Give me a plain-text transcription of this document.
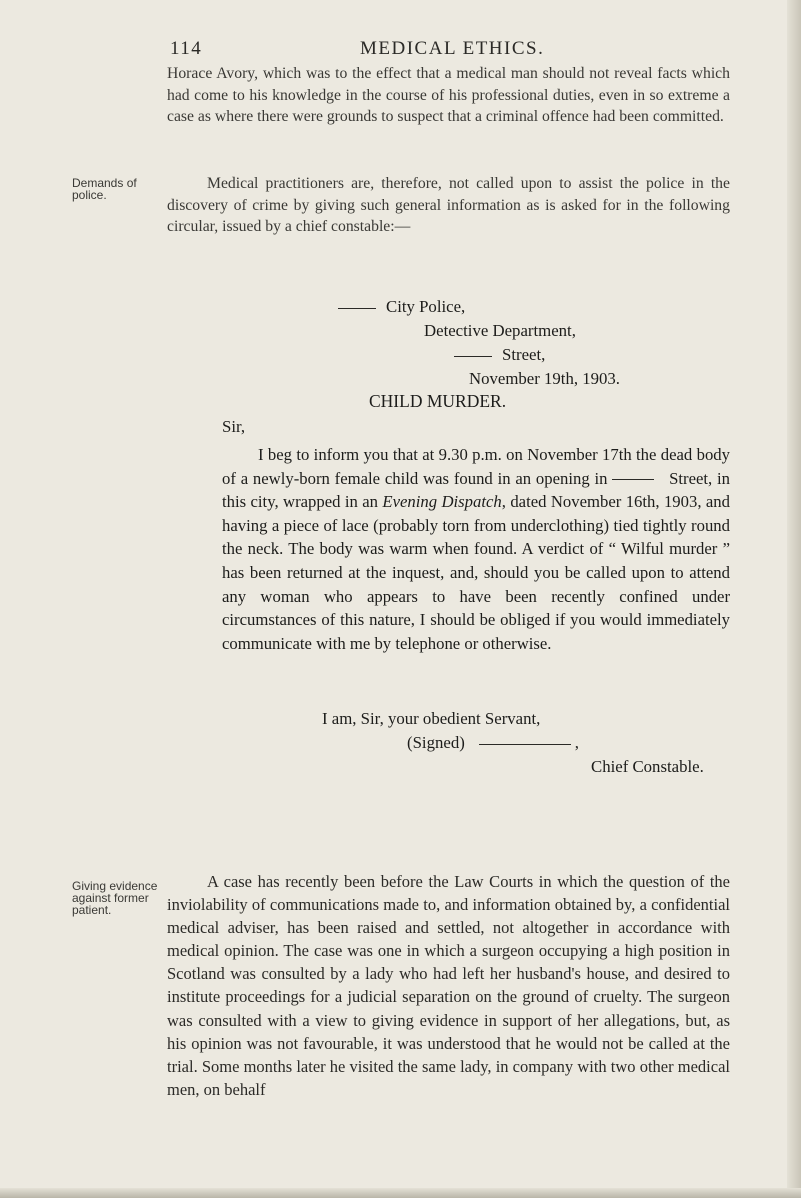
114	MEDICAL ETHICS.

Horace Avory, which was to the effect that a medical man should not reveal facts which had come to his knowledge in the course of his professional duties, even in so extreme a case as where there were grounds to suspect that a criminal offence had been committed.

Demands of police.

Medical practitioners are, therefore, not called upon to assist the police in the discovery of crime by giving such general information as is asked for in the following circular, issued by a chief constable:—

City Police,
Detective Department,
Street,
November 19th, 1903.
CHILD MURDER.
Sir,

I beg to inform you that at 9.30 p.m. on November 17th the dead body of a newly-born female child was found in an opening in	Street, in this city, wrapped in an Evening Dispatch, dated November 16th, 1903, and having a piece of lace (probably torn from underclothing) tied tightly round the neck. The body was warm when found. A verdict of “ Wilful murder ” has been returned at the inquest, and, should you be called upon to attend any woman who appears to have been recently confined under circumstances of this nature, I should be obliged if you would immediately communicate with me by telephone or otherwise.

I am, Sir, your obedient Servant,
(Signed)	,
Chief Constable.
Giving evidence against former patient.

A case has recently been before the Law Courts in which the question of the inviolability of communications made to, and information obtained by, a confidential medical adviser, has been raised and settled, not altogether in accordance with medical opinion. The case was one in which a surgeon occupying a high position in Scotland was consulted by a lady who had left her husband's house, and desired to institute proceedings for a judicial separation on the ground of cruelty. The surgeon was consulted with a view to giving evidence in support of her allegations, but, as his opinion was not favourable, it was understood that he would not be called at the trial. Some months later he visited the same lady, in company with two other medical men, on behalf
